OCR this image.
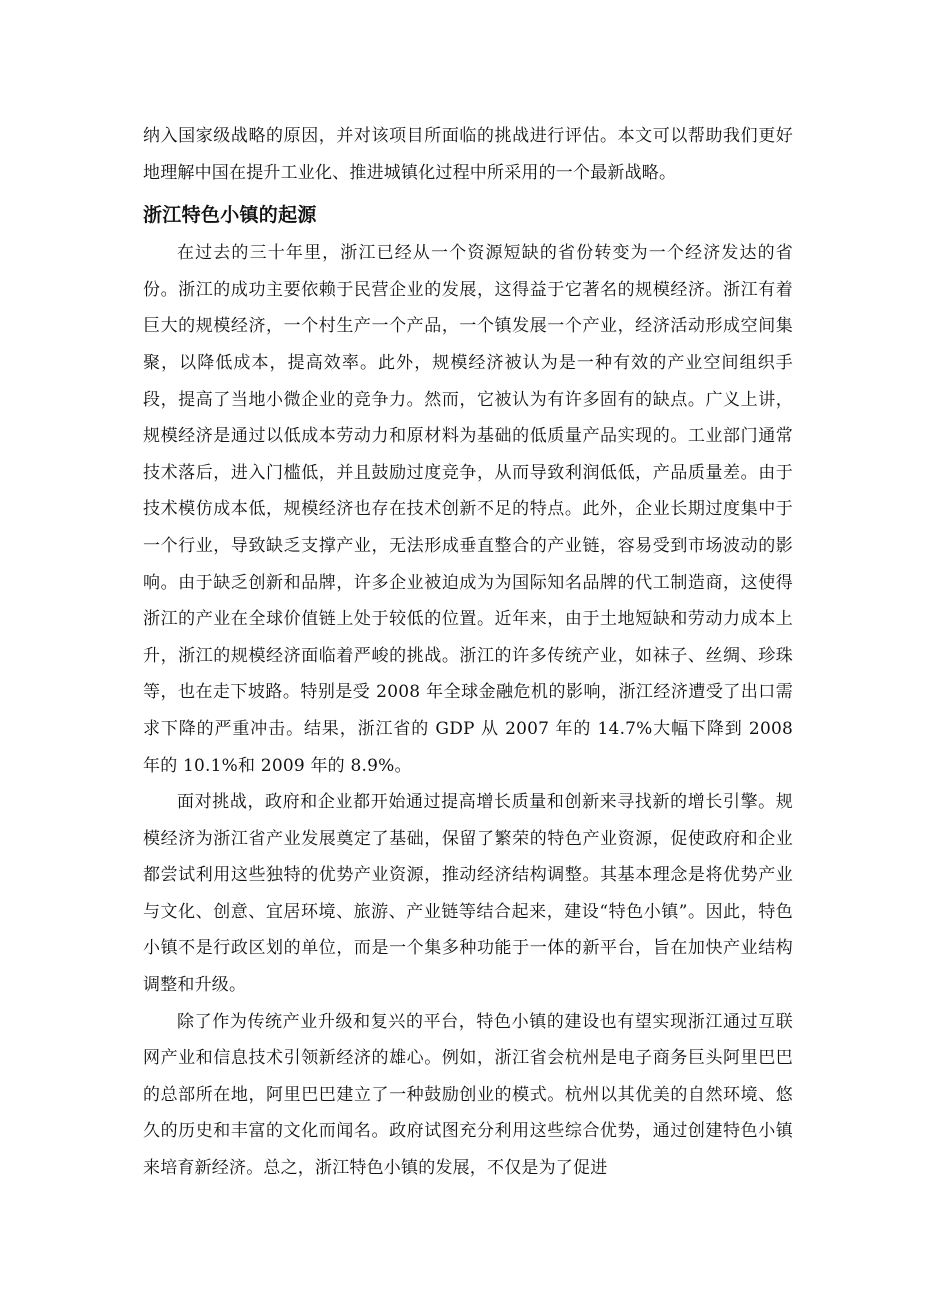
纳入国家级战略的原因，并对该项目所面临的挑战进行评估。本文可以帮助我们更好地理解中国在提升工业化、推进城镇化过程中所采用的一个最新战略。

浙江特色小镇的起源

在过去的三十年里，浙江已经从一个资源短缺的省份转变为一个经济发达的省份。浙江的成功主要依赖于民营企业的发展，这得益于它著名的规模经济。浙江有着巨大的规模经济，一个村生产一个产品，一个镇发展一个产业，经济活动形成空间集聚，以降低成本，提高效率。此外，规模经济被认为是一种有效的产业空间组织手段，提高了当地小微企业的竞争力。然而，它被认为有许多固有的缺点。广义上讲，规模经济是通过以低成本劳动力和原材料为基础的低质量产品实现的。工业部门通常技术落后，进入门槛低，并且鼓励过度竞争，从而导致利润低低，产品质量差。由于技术模仿成本低，规模经济也存在技术创新不足的特点。此外，企业长期过度集中于一个行业，导致缺乏支撑产业，无法形成垂直整合的产业链，容易受到市场波动的影响。由于缺乏创新和品牌，许多企业被迫成为为国际知名品牌的代工制造商，这使得浙江的产业在全球价值链上处于较低的位置。近年来，由于土地短缺和劳动力成本上升，浙江的规模经济面临着严峻的挑战。浙江的许多传统产业，如袜子、丝绸、珍珠等，也在走下坡路。特别是受 2008 年全球金融危机的影响，浙江经济遭受了出口需求下降的严重冲击。结果，浙江省的 GDP 从 2007 年的 14.7%大幅下降到 2008 年的 10.1%和 2009 年的 8.9%。

面对挑战，政府和企业都开始通过提高增长质量和创新来寻找新的增长引擎。规模经济为浙江省产业发展奠定了基础，保留了繁荣的特色产业资源，促使政府和企业都尝试利用这些独特的优势产业资源，推动经济结构调整。其基本理念是将优势产业与文化、创意、宜居环境、旅游、产业链等结合起来，建设“特色小镇”。因此，特色小镇不是行政区划的单位，而是一个集多种功能于一体的新平台，旨在加快产业结构调整和升级。

除了作为传统产业升级和复兴的平台，特色小镇的建设也有望实现浙江通过互联网产业和信息技术引领新经济的雄心。例如，浙江省会杭州是电子商务巨头阿里巴巴的总部所在地，阿里巴巴建立了一种鼓励创业的模式。杭州以其优美的自然环境、悠久的历史和丰富的文化而闻名。政府试图充分利用这些综合优势，通过创建特色小镇来培育新经济。总之，浙江特色小镇的发展，不仅是为了促进
